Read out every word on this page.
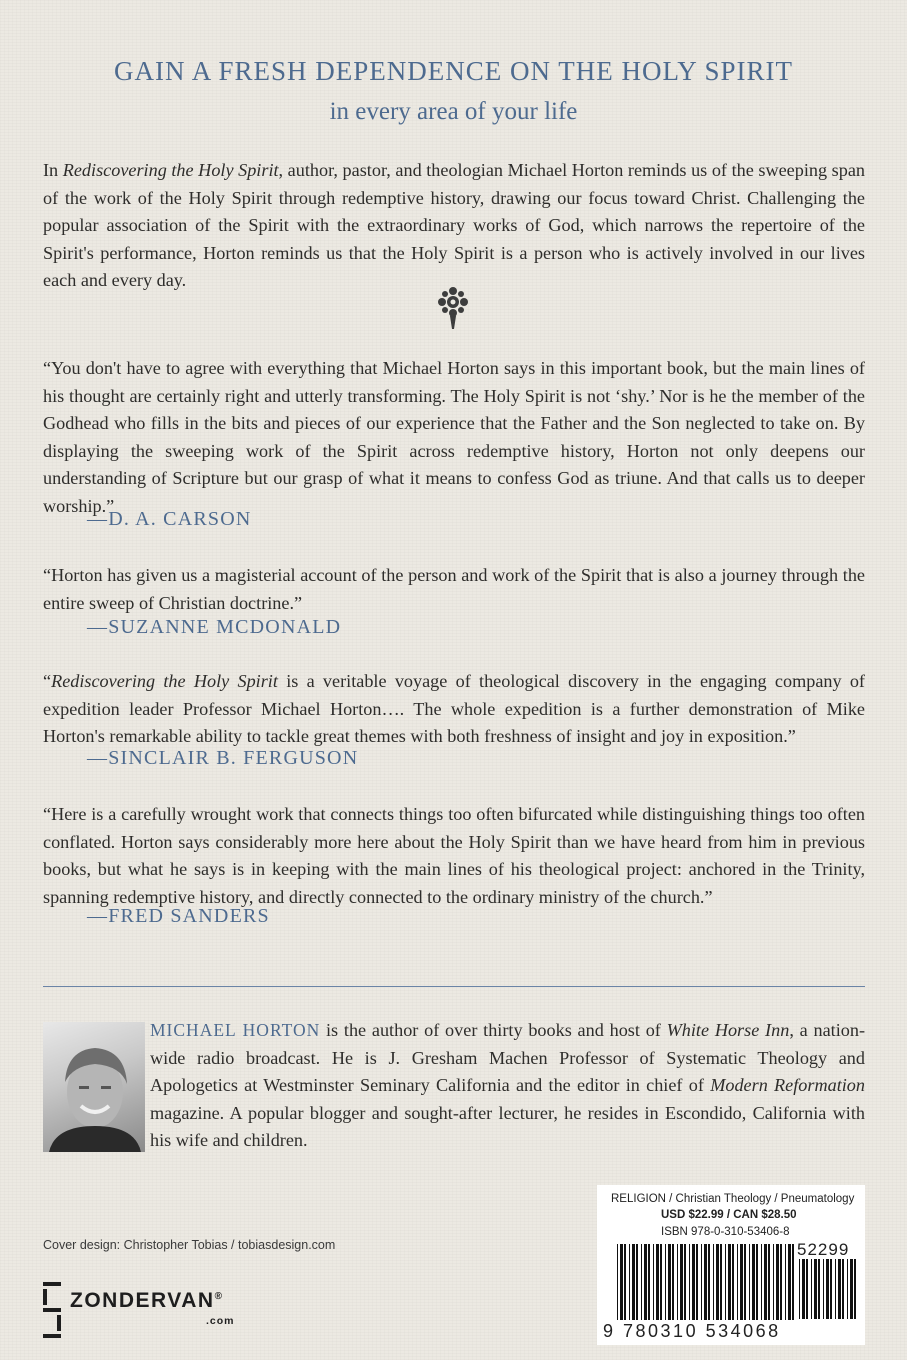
GAIN A FRESH DEPENDENCE ON THE HOLY SPIRIT
in every area of your life
In Rediscovering the Holy Spirit, author, pastor, and theologian Michael Horton reminds us of the sweeping span of the work of the Holy Spirit through redemptive history, drawing our focus toward Christ. Challenging the popular association of the Spirit with the extraordinary works of God, which narrows the repertoire of the Spirit's performance, Horton reminds us that the Holy Spirit is a person who is actively involved in our lives each and every day.
“You don't have to agree with everything that Michael Horton says in this important book, but the main lines of his thought are certainly right and utterly transforming. The Holy Spirit is not ‘shy.’ Nor is he the member of the Godhead who fills in the bits and pieces of our experience that the Father and the Son neglected to take on. By displaying the sweeping work of the Spirit across redemptive history, Horton not only deepens our understanding of Scripture but our grasp of what it means to confess God as triune. And that calls us to deeper worship.”
—D. A. CARSON
“Horton has given us a magisterial account of the person and work of the Spirit that is also a journey through the entire sweep of Christian doctrine.”
—SUZANNE MCDONALD
“Rediscovering the Holy Spirit is a veritable voyage of theological discovery in the engaging company of expedition leader Professor Michael Horton…. The whole expedition is a further demonstration of Mike Horton's remarkable ability to tackle great themes with both freshness of insight and joy in exposition.”
—SINCLAIR B. FERGUSON
“Here is a carefully wrought work that connects things too often bifurcated while distinguishing things too often conflated. Horton says considerably more here about the Holy Spirit than we have heard from him in previous books, but what he says is in keeping with the main lines of his theological project: anchored in the Trinity, spanning redemptive history, and directly connected to the ordinary ministry of the church.”
—FRED SANDERS
MICHAEL HORTON is the author of over thirty books and host of White Horse Inn, a nation-wide radio broadcast. He is J. Gresham Machen Professor of Systematic Theology and Apologetics at Westminster Seminary California and the editor in chief of Modern Reformation magazine. A popular blogger and sought-after lecturer, he resides in Escondido, California with his wife and children.
Cover design: Christopher Tobias / tobiasdesign.com
ZONDERVAN®
.com
RELIGION / Christian Theology / Pneumatology
USD $22.99 / CAN $28.50
ISBN 978-0-310-53406-8
52299
9 780310 534068
